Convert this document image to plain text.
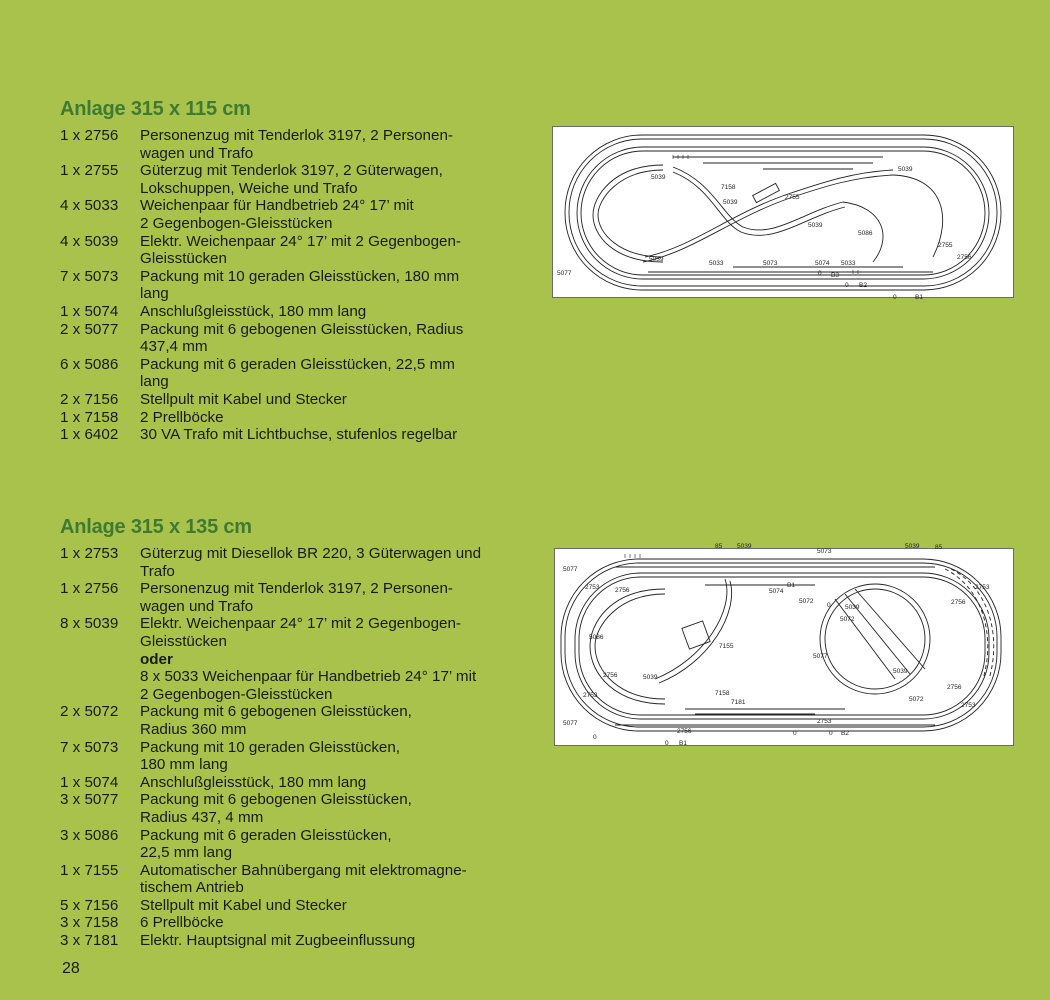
Anlage 315 x 115 cm
1 x 2756	Personenzug mit Tenderlok 3197, 2 Personen-
wagen und Trafo
1 x 2755	Güterzug mit Tenderlok 3197, 2 Güterwagen,
Lokschuppen, Weiche und Trafo
4 x 5033	Weichenpaar für Handbetrieb 24° 17’ mit
2 Gegenbogen-Gleisstücken
4 x 5039	Elektr. Weichenpaar 24° 17’ mit 2 Gegenbogen-
Gleisstücken
7 x 5073	Packung mit 10 geraden Gleisstücken, 180 mm
lang
1 x 5074	Anschlußgleisstück, 180 mm lang
2 x 5077	Packung mit 6 gebogenen Gleisstücken, Radius
437,4 mm
6 x 5086	Packung mit 6 geraden Gleisstücken, 22,5 mm
lang
2 x 7156	Stellpult mit Kabel und Stecker
1 x 7158	2 Prellböcke
1 x 6402	30 VA Trafo mit Lichtbuchse, stufenlos regelbar
5039
7158
5039
2755
5039
5086
5039
2755
2756
5077
5039
5033	5073	5074 5033
B3
B2
B1
0
0
0
Anlage 315 x 135 cm
1 x 2753	Güterzug mit Diesellok BR 220, 3 Güterwagen und
Trafo
1 x 2756	Personenzug mit Tenderlok 3197, 2 Personen-
wagen und Trafo
8 x 5039	Elektr. Weichenpaar 24° 17’ mit 2 Gegenbogen-
Gleisstücken
oder
8 x 5033 Weichenpaar für Handbetrieb 24° 17’ mit
2 Gegenbogen-Gleisstücken
2 x 5072	Packung mit 6 gebogenen Gleisstücken,
Radius 360 mm
7 x 5073	Packung mit 10 geraden Gleisstücken,
180 mm lang
1 x 5074	Anschlußgleisstück, 180 mm lang
3 x 5077	Packung mit 6 gebogenen Gleisstücken,
Radius 437, 4 mm
3 x 5086	Packung mit 6 geraden Gleisstücken,
22,5 mm lang
1 x 7155	Automatischer Bahnübergang mit elektromagne-
tischem Antrieb
5 x 7156	Stellpult mit Kabel und Stecker
3 x 7158	6 Prellböcke
3 x 7181	Elektr. Hauptsignal mit Zugbeeinflussung
85 5039
5073
5039 85
5077
2753 2756	5074
B1
5072
5072
5039
2756
2753
5086
7155
5077
5039
2756
7158
7181
5039
5072
2756
2753
2753
5077
2756
2753
B2
B1
0
0
0	0
0
28
